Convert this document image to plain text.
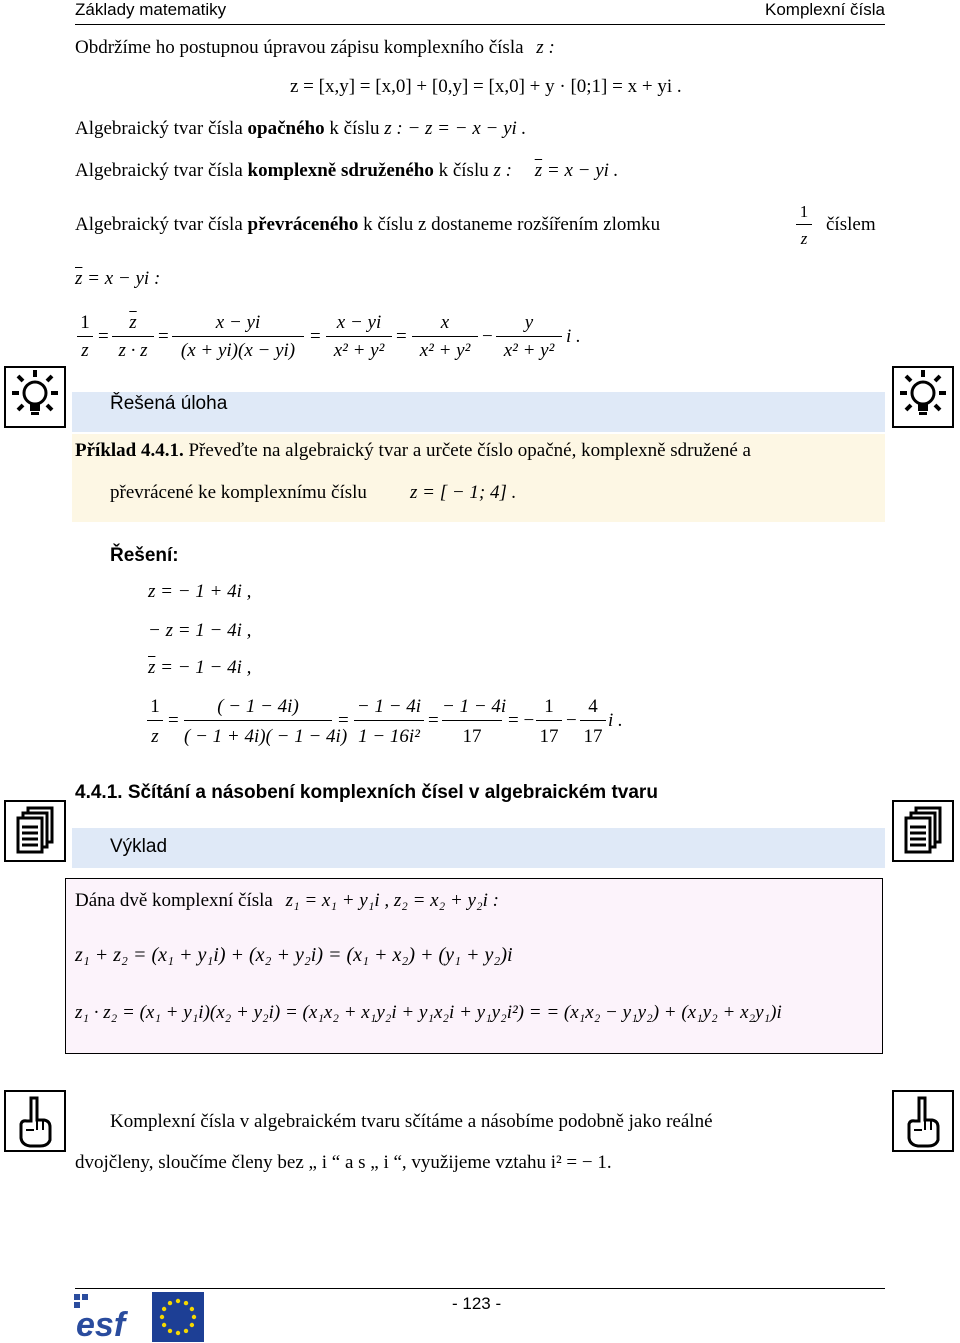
Základy matematiky	Komplexní čísla
Obdržíme ho postupnou úpravou zápisu komplexního čísla z :
z = [x,y] = [x,0] + [0,y] = [x,0] + y · [0;1] = x + yi .
Algebraický tvar čísla opačného k číslu z : − z = − x − yi .
Algebraický tvar čísla komplexně sdruženého k číslu z : $\overline{z} = x$ − yi .
Algebraický tvar čísla převráceného k číslu z dostaneme rozšířením zlomku
1
z
číslem
$\overline{z} = x$ − yi :
1
z
=
$\overline{z}$
z · z
=
x − yi
(x + yi)(x − yi)
=
x − yi
x² + y²
=
x
x² + y²
−
y
x² + y²
i .
Řešená úloha
Příklad 4.4.1. Převeďte na algebraický tvar a určete číslo opačné, komplexně sdružené a
převrácené ke komplexnímu číslu z = [ − 1; 4] .
Řešení:
z = − 1 + 4i ,
− z = 1 − 4i ,
$\overline{z}$ = − 1 − 4i ,
1
z
=
( − 1 − 4i)
( − 1 + 4i)( − 1 − 4i)
=
− 1 − 4i
1 − 16i²
=
− 1 − 4i
17
= −
1
17
−
4
17
i .
4.4.1. Sčítání a násobení komplexních čísel v algebraickém tvaru
Výklad
Dána dvě komplexní čísla z₁ = x₁ + y₁i , z₂ = x₂ + y₂i :
z₁ + z₂ = (x₁ + y₁i) + (x₂ + y₂i) = (x₁ + x₂) + (y₁ + y₂)i
z₁ · z₂ = (x₁ + y₁i)(x₂ + y₂i) = (x₁x₂ + x₁y₂i + y₁x₂i + y₁y₂i²) = = (x₁x₂ − y₁y₂) + (x₁y₂ + x₂y₁)i
Komplexní čísla v algebraickém tvaru sčítáme a násobíme podobně jako reálné
dvojčleny, sloučíme členy bez „ i “ a s „ i “, využijeme vztahu i² = − 1.
- 123 -
esf
